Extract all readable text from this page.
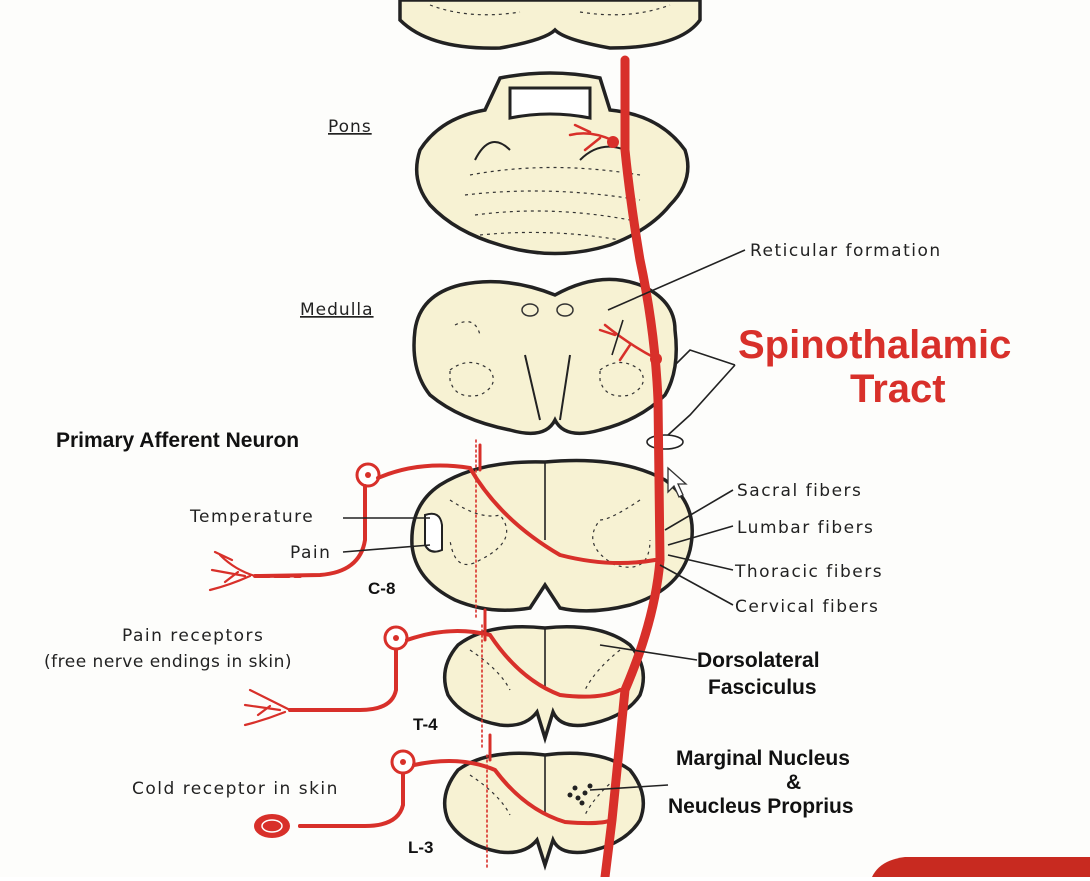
Pons
Medulla
Reticular formation
Spinothalamic
Tract
Primary Afferent Neuron
Temperature
Pain
C-8
Sacral fibers
Lumbar fibers
Thoracic fibers
Cervical fibers
Pain receptors
(free nerve endings in skin)
T-4
Dorsolateral
Fasciculus
Cold receptor in skin
L-3
Marginal Nucleus
&
Neucleus Proprius
